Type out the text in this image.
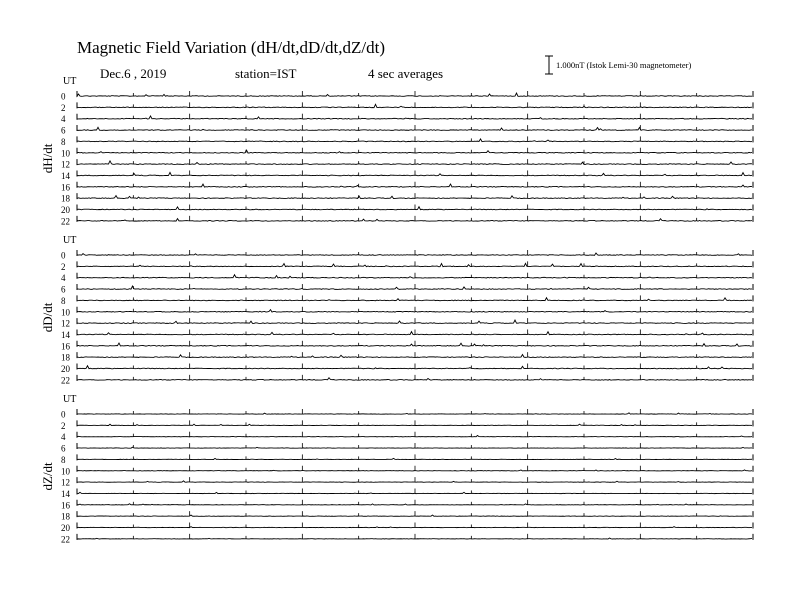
Magnetic Field Variation (dH/dt,dD/dt,dZ/dt)
Dec.6 , 2019	station=IST	4 sec averages
1.000nT (Istok Lemi-30 magnetometer)
UT
dH/dt
0
2
4
6
8
10
12
14
16
18
20
22
UT
dD/dt
0
2
4
6
8
10
12
14
16
18
20
22
UT
dZ/dt
0
2
4
6
8
10
12
14
16
18
20
22
